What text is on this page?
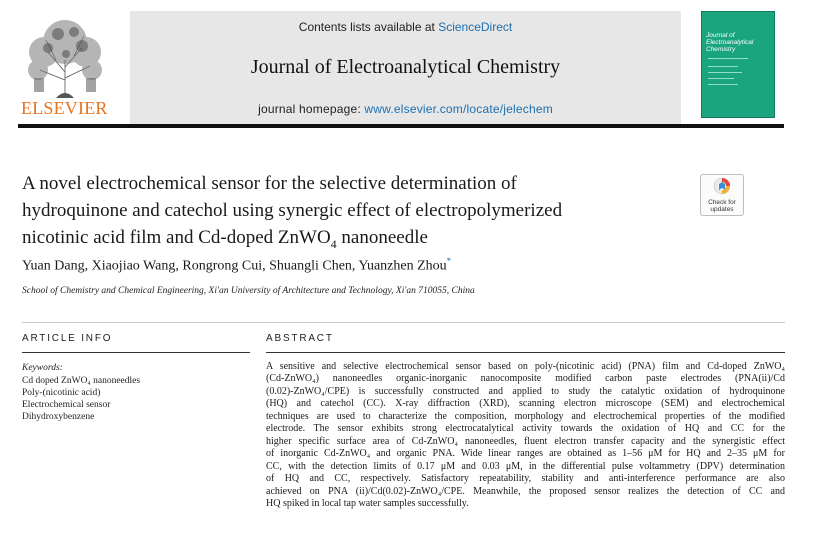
ELSEVIER
Contents lists available at ScienceDirect
Journal of Electroanalytical Chemistry
journal homepage: www.elsevier.com/locate/jelechem
Journal of
Electroanalytical
Chemistry
A novel electrochemical sensor for the selective determination of
hydroquinone and catechol using synergic effect of electropolymerized
nicotinic acid film and Cd-doped ZnWO$_4$ nanoneedle
Check for
updates
Yuan Dang, Xiaojiao Wang, Rongrong Cui, Shuangli Chen, Yuanzhen Zhou*
School of Chemistry and Chemical Engineering, Xi'an University of Architecture and Technology, Xi'an 710055, China
ARTICLE INFO
Keywords:
Cd doped ZnWO₄ nanoneedles
Poly-(nicotinic acid)
Electrochemical sensor
Dihydroxybenzene
ABSTRACT
A sensitive and selective electrochemical sensor based on poly-(nicotinic acid) (PNA) film and Cd-doped ZnWO₄
(Cd-ZnWO₄) nanoneedles organic-inorganic nanocomposite modified carbon paste electrodes (PNA(ii)/Cd
(0.02)-ZnWO₄/CPE) is successfully constructed and applied to study the catalytic oxidation of hydroquinone
(HQ) and catechol (CC). X-ray diffraction (XRD), scanning electron microscope (SEM) and electrochemical
techniques are used to characterize the composition, morphology and electrochemical properties of the modified
electrode. The sensor exhibits strong electrocatalytical activity towards the oxidation of HQ and CC for the
higher specific surface area of Cd-ZnWO₄ nanoneedles, fluent electron transfer capacity and the synergistic effect
of inorganic Cd-ZnWO₄ and organic PNA. Wide linear ranges are obtained as 1–56 μM for HQ and 2–35 μM for
CC, with the detection limits of 0.17 μM and 0.03 μM, in the differential pulse voltammetry (DPV) determination
of HQ and CC, respectively. Satisfactory repeatability, stability and anti-interference performance are also
achieved on PNA (ii)/Cd(0.02)-ZnWO₄/CPE. Meanwhile, the proposed sensor realizes the detection of CC and
HQ spiked in local tap water samples successfully.
